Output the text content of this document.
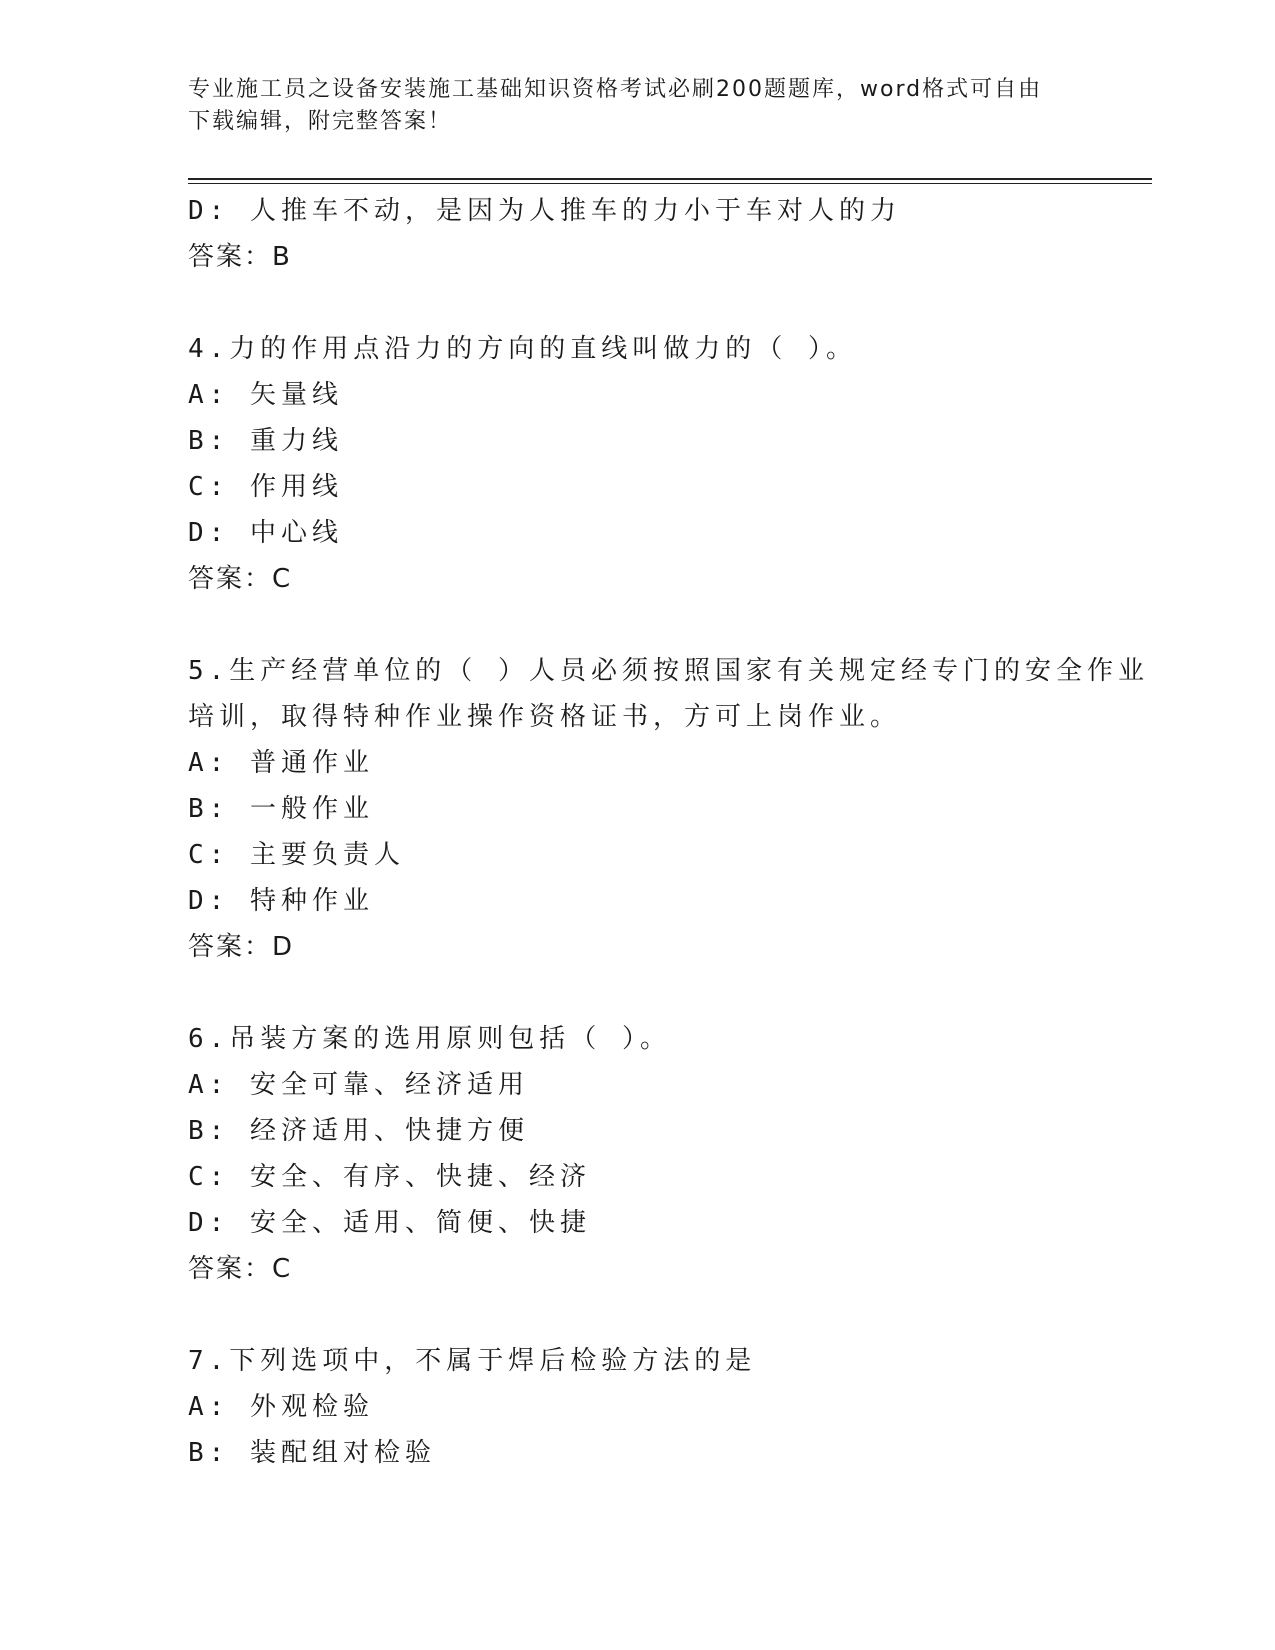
专业施工员之设备安装施工基础知识资格考试必刷200题题库，word格式可自由
下载编辑，附完整答案！
D: 人推车不动，是因为人推车的力小于车对人的力
答案：B
4.力的作用点沿力的方向的直线叫做力的（ ）。
A: 矢量线
B: 重力线
C: 作用线
D: 中心线
答案：C
5.生产经营单位的（ ）人员必须按照国家有关规定经专门的安全作业
培训，取得特种作业操作资格证书，方可上岗作业。
A: 普通作业
B: 一般作业
C: 主要负责人
D: 特种作业
答案：D
6.吊装方案的选用原则包括（ ）。
A: 安全可靠、经济适用
B: 经济适用、快捷方便
C: 安全、有序、快捷、经济
D: 安全、适用、简便、快捷
答案：C
7.下列选项中，不属于焊后检验方法的是
A: 外观检验
B: 装配组对检验
